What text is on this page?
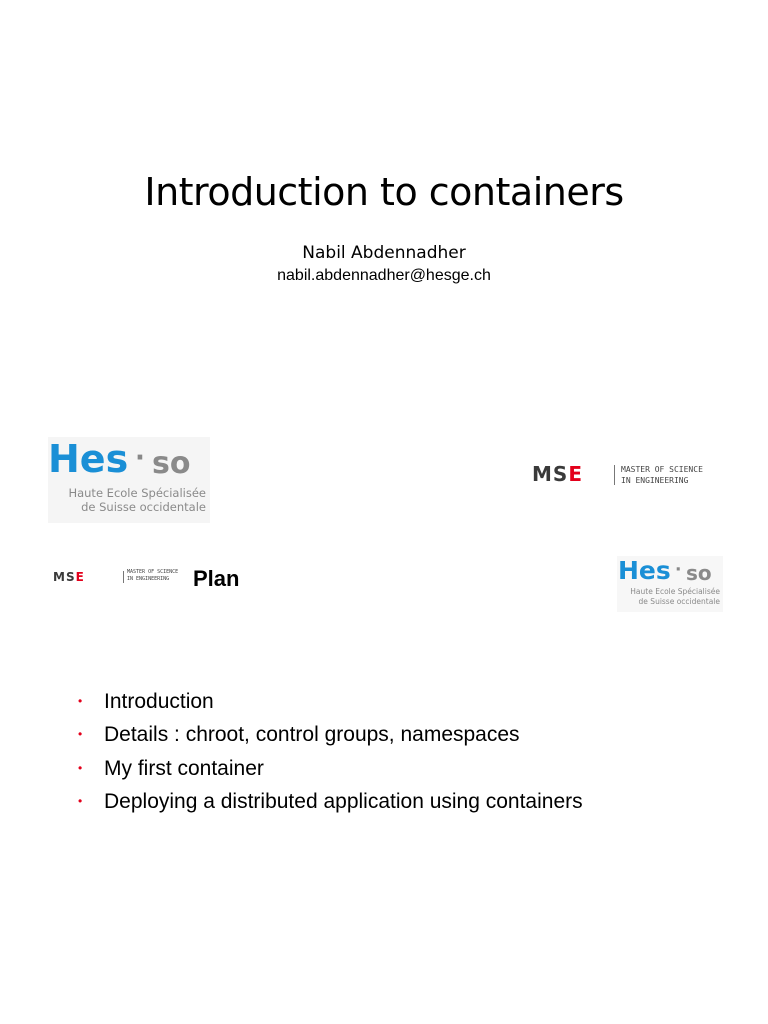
Introduction to containers
Nabil Abdennadher
nabil.abdennadher@hesge.ch
Hes · so
Haute Ecole Spécialisée
de Suisse occidentale
MSE	MASTER OF SCIENCE
IN ENGINEERING
MSE	MASTER OF SCIENCE
IN ENGINEERING Plan	Hes · so
Haute Ecole Spécialisée
de Suisse occidentale
• Introduction
• Details : chroot, control groups, namespaces
• My first container
• Deploying a distributed application using containers
